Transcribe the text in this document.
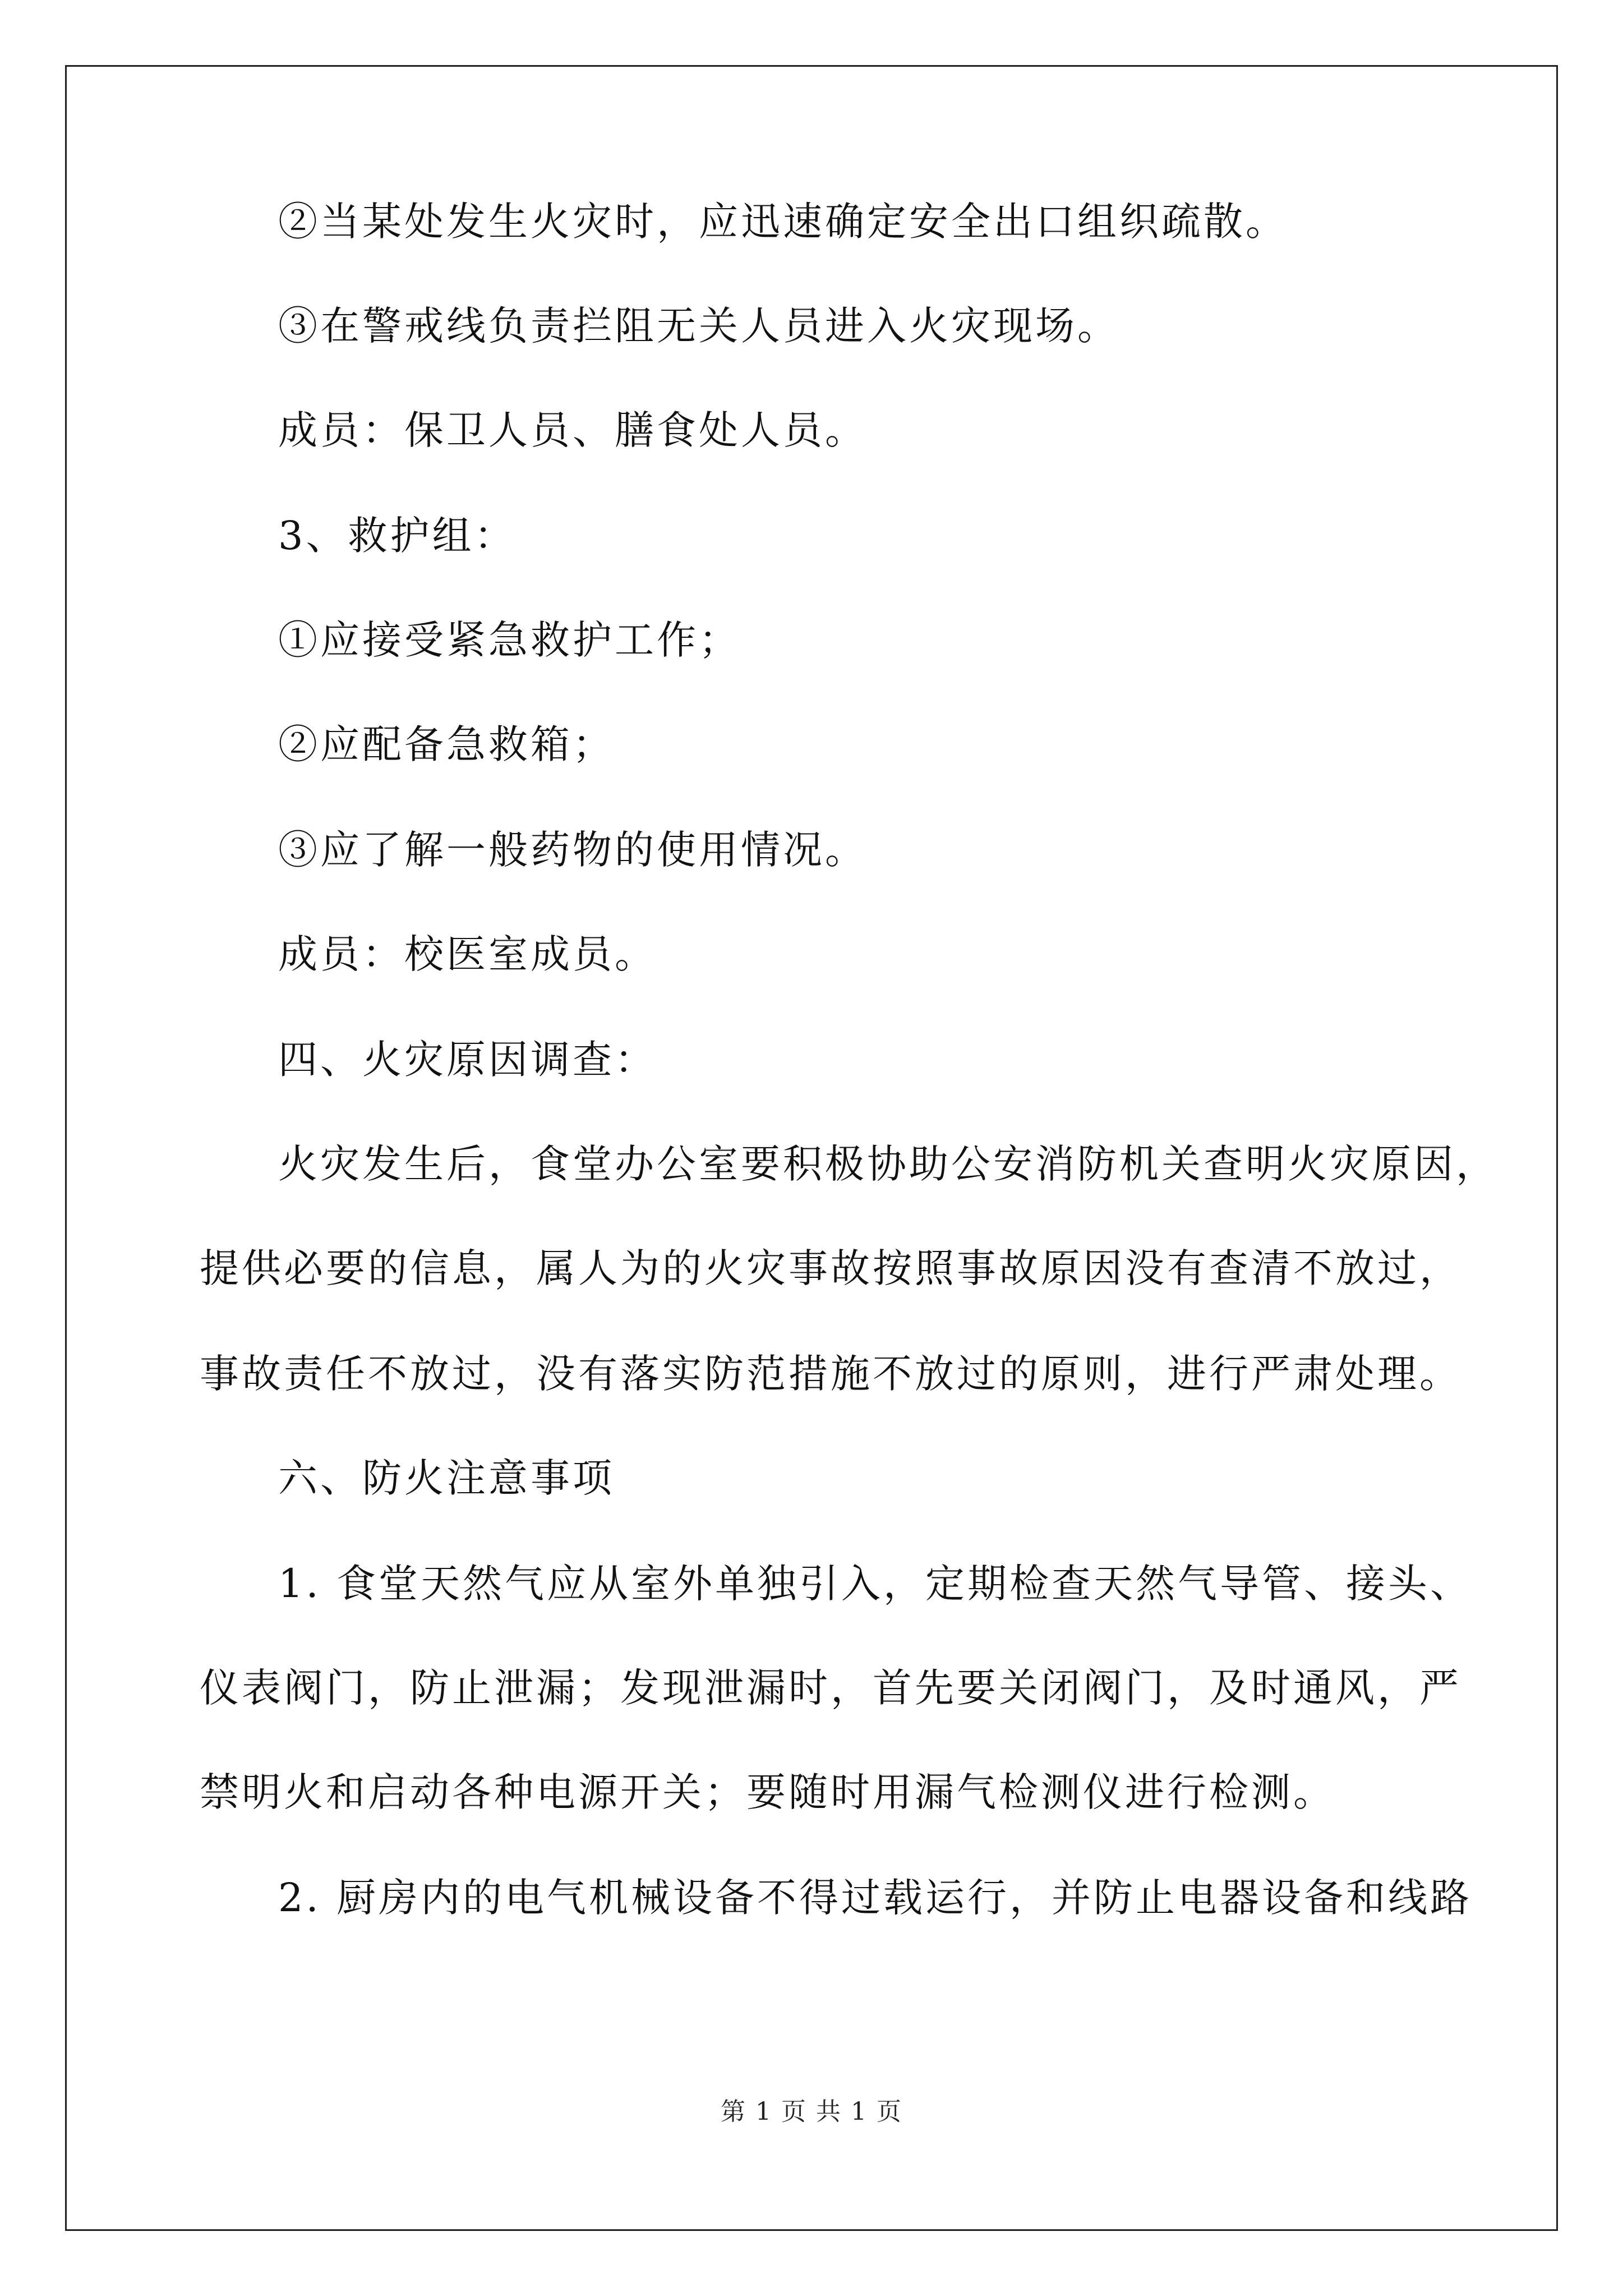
②当某处发生火灾时，应迅速确定安全出口组织疏散。
③在警戒线负责拦阻无关人员进入火灾现场。
成员：保卫人员、膳食处人员。
3、救护组：
①应接受紧急救护工作；
②应配备急救箱；
③应了解一般药物的使用情况。
成员：校医室成员。
四、火灾原因调查：
火灾发生后，食堂办公室要积极协助公安消防机关查明火灾原因，
提供必要的信息，属人为的火灾事故按照事故原因没有查清不放过，
事故责任不放过，没有落实防范措施不放过的原则，进行严肃处理。
六、防火注意事项
1. 食堂天然气应从室外单独引入，定期检查天然气导管、接头、
仪表阀门，防止泄漏；发现泄漏时，首先要关闭阀门，及时通风，严
禁明火和启动各种电源开关；要随时用漏气检测仪进行检测。
2. 厨房内的电气机械设备不得过载运行，并防止电器设备和线路
第 1 页 共 1 页
